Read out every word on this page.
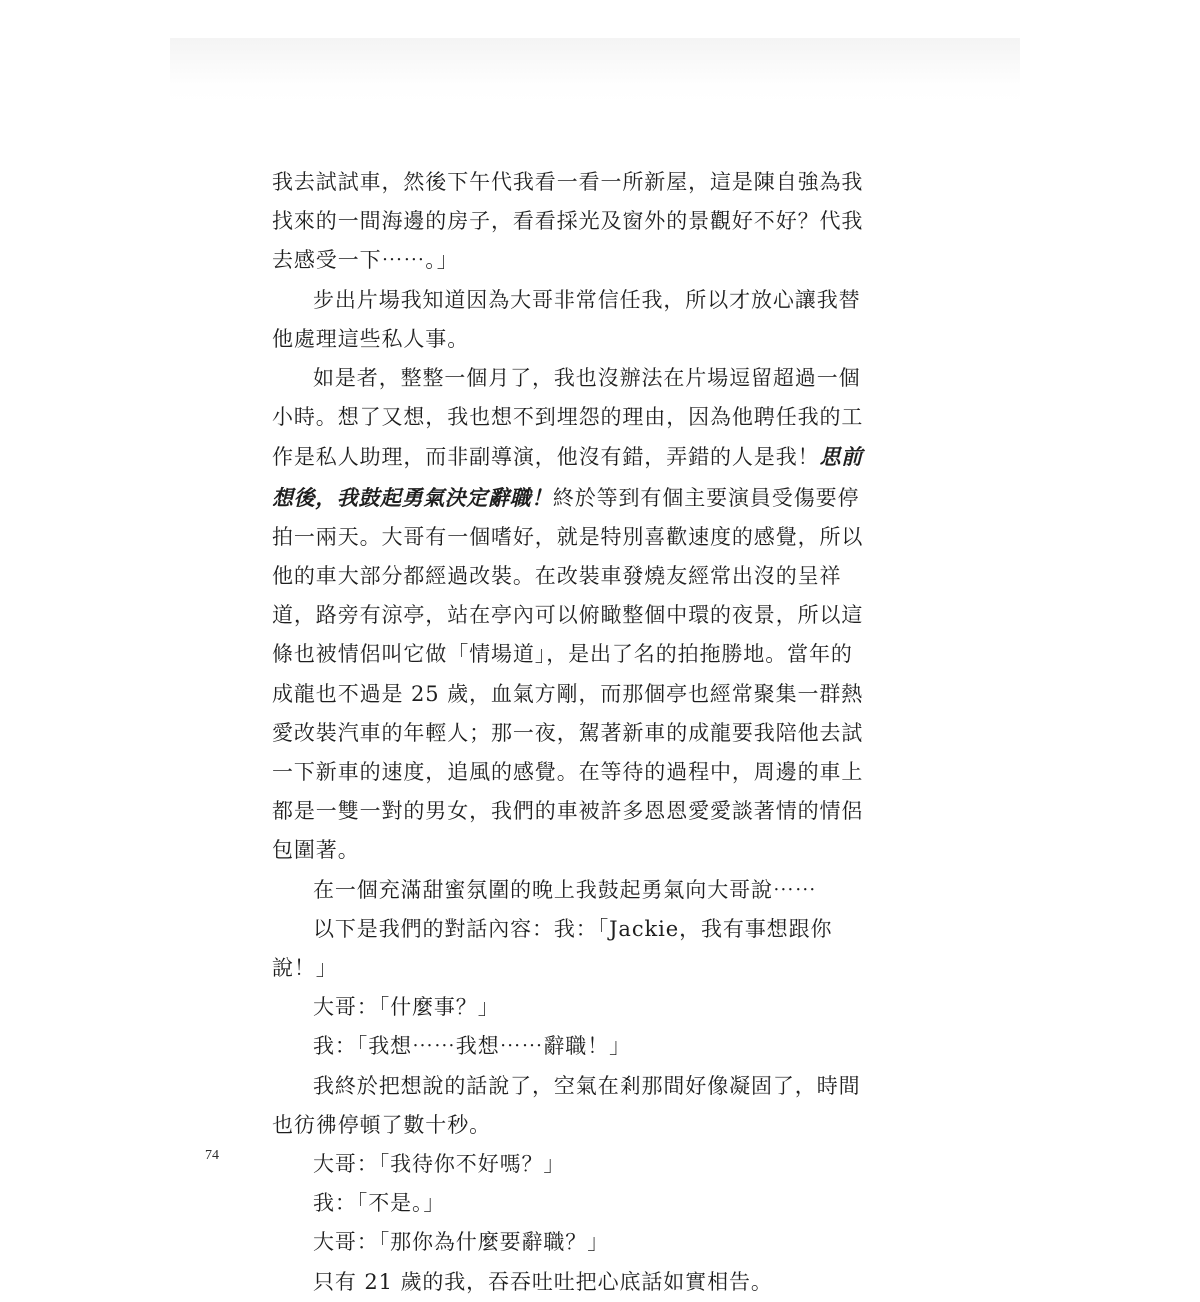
我去試試車，然後下午代我看一看一所新屋，這是陳自強為我找來的一間海邊的房子，看看採光及窗外的景觀好不好？代我去感受一下⋯⋯。」

步出片場我知道因為大哥非常信任我，所以才放心讓我替他處理這些私人事。

如是者，整整一個月了，我也沒辦法在片場逗留超過一個小時。想了又想，我也想不到埋怨的理由，因為他聘任我的工作是私人助理，而非副導演，他沒有錯，弄錯的人是我！思前想後，我鼓起勇氣決定辭職！終於等到有個主要演員受傷要停拍一兩天。大哥有一個嗜好，就是特別喜歡速度的感覺，所以他的車大部分都經過改裝。在改裝車發燒友經常出沒的呈祥道，路旁有涼亭，站在亭內可以俯瞰整個中環的夜景，所以這條也被情侶叫它做「情場道」，是出了名的拍拖勝地。當年的成龍也不過是 25 歲，血氣方剛，而那個亭也經常聚集一群熱愛改裝汽車的年輕人；那一夜，駕著新車的成龍要我陪他去試一下新車的速度，追風的感覺。在等待的過程中，周邊的車上都是一雙一對的男女，我們的車被許多恩恩愛愛談著情的情侶包圍著。

在一個充滿甜蜜氛圍的晚上我鼓起勇氣向大哥說⋯⋯

以下是我們的對話內容：我：「Jackie，我有事想跟你說！」

大哥：「什麼事？」

我：「我想⋯⋯我想⋯⋯辭職！」

我終於把想說的話說了，空氣在剎那間好像凝固了，時間也彷彿停頓了數十秒。

大哥：「我待你不好嗎？」

我：「不是。」

大哥：「那你為什麼要辭職？」

只有 21 歲的我，吞吞吐吐把心底話如實相告。

74
